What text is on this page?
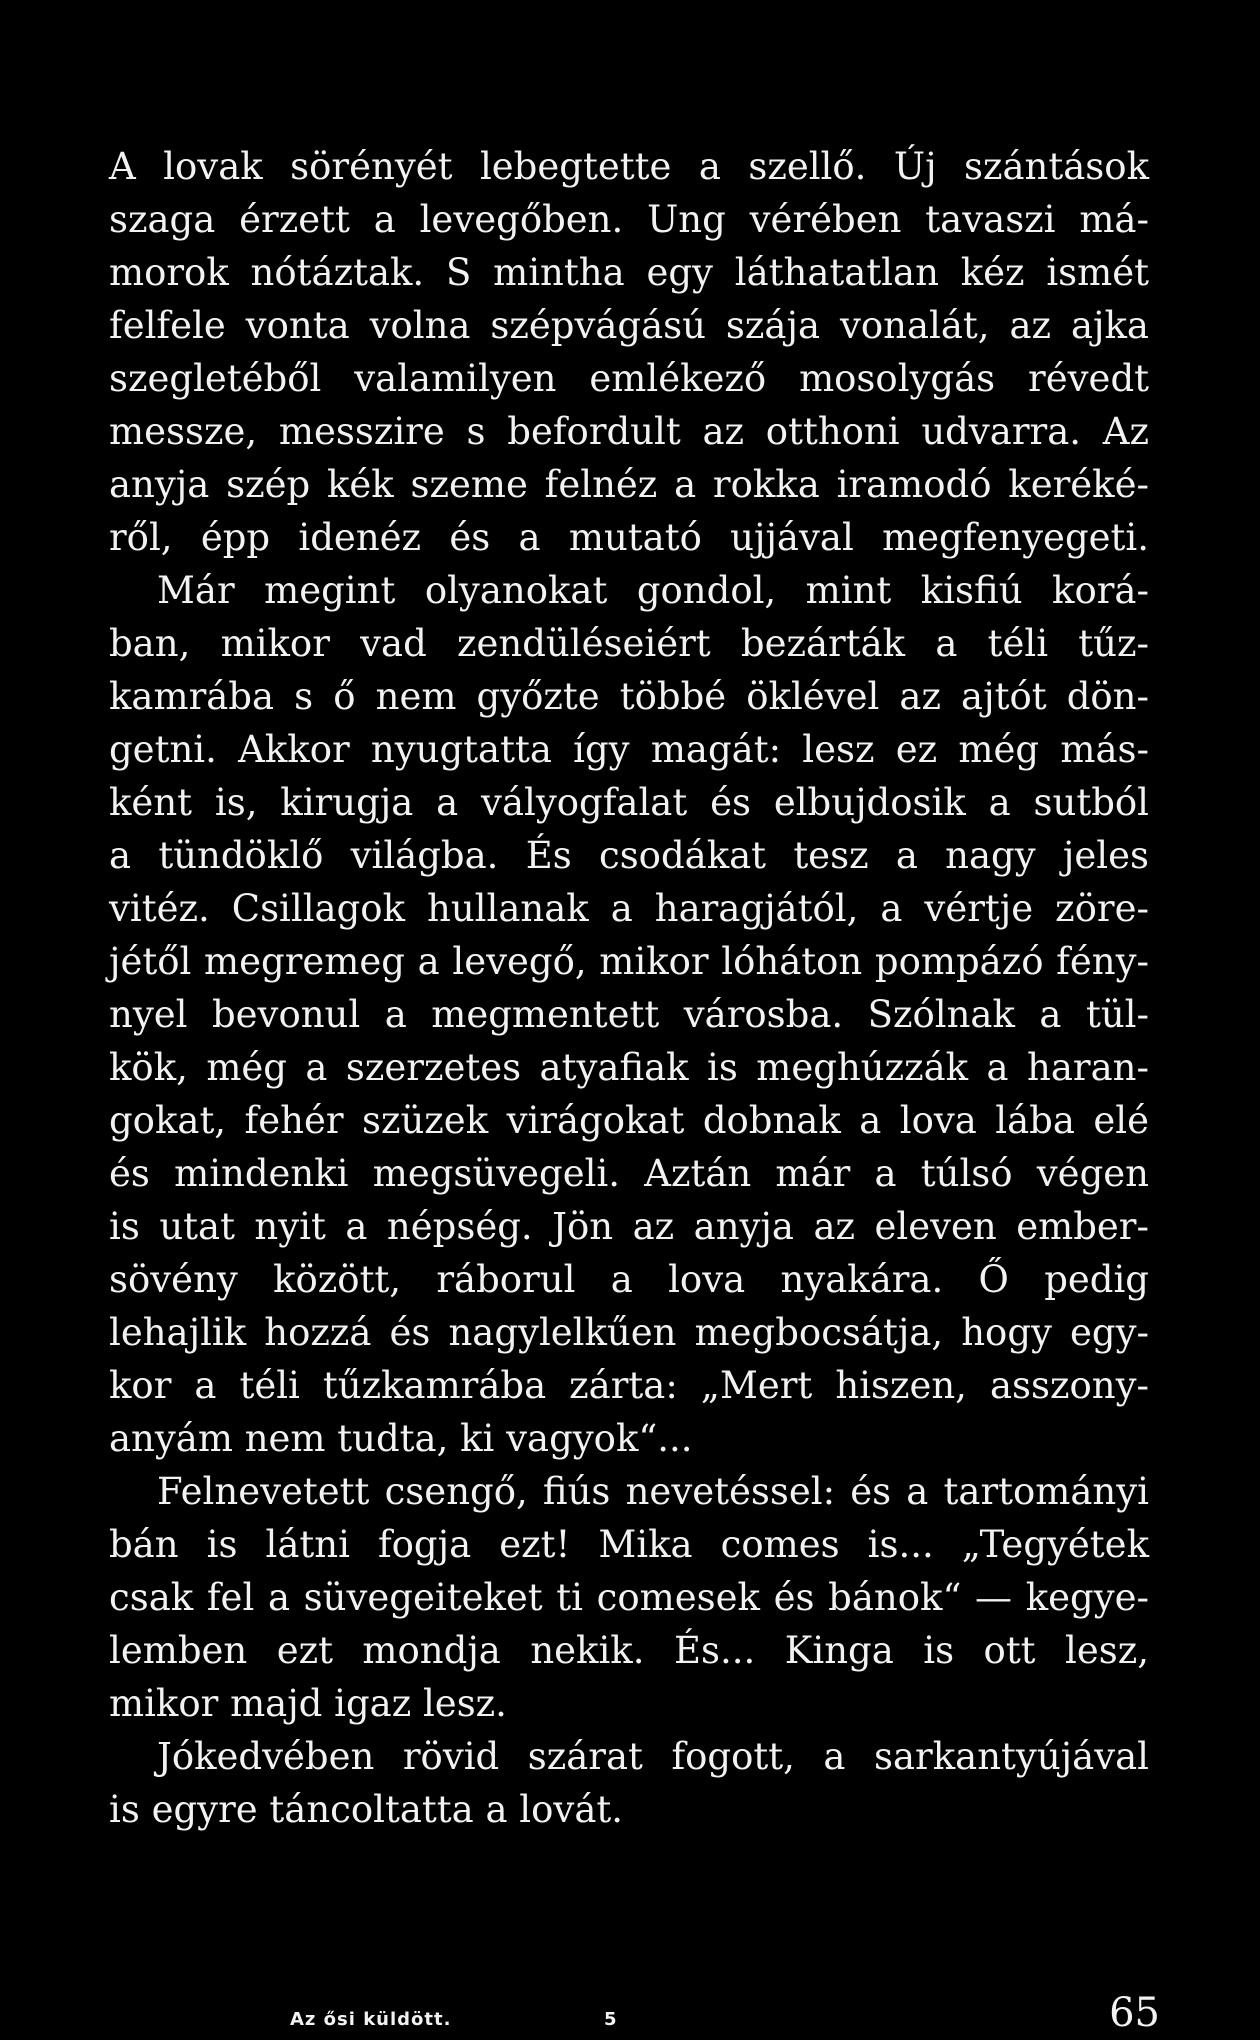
A lovak sörényét lebegtette a szellő. Új szántások
szaga érzett a levegőben. Ung vérében tavaszi má-
morok nótáztak. S mintha egy láthatatlan kéz ismét
felfele vonta volna szépvágású szája vonalát, az ajka
szegletéből valamilyen emlékező mosolygás révedt
messze, messzire s befordult az otthoni udvarra. Az
anyja szép kék szeme felnéz a rokka iramodó keréké-
ről, épp idenéz és a mutató ujjával megfenyegeti.
Már megint olyanokat gondol, mint kisfiú korá-
ban, mikor vad zendüléseiért bezárták a téli tűz-
kamrába s ő nem győzte többé öklével az ajtót dön-
getni. Akkor nyugtatta így magát: lesz ez még más-
ként is, kirugja a vályogfalat és elbujdosik a sutból
a tündöklő világba. És csodákat tesz a nagy jeles
vitéz. Csillagok hullanak a haragjától, a vértje zöre-
jétől megremeg a levegő, mikor lóháton pompázó fény-
nyel bevonul a megmentett városba. Szólnak a tül-
kök, még a szerzetes atyafiak is meghúzzák a haran-
gokat, fehér szüzek virágokat dobnak a lova lába elé
és mindenki megsüvegeli. Aztán már a túlsó végen
is utat nyit a népség. Jön az anyja az eleven ember-
sövény között, ráborul a lova nyakára. Ő pedig
lehajlik hozzá és nagylelkűen megbocsátja, hogy egy-
kor a téli tűzkamrába zárta: „Mert hiszen, asszony-
anyám nem tudta, ki vagyok“...
Felnevetett csengő, fiús nevetéssel: és a tartományi
bán is látni fogja ezt! Mika comes is... „Tegyétek
csak fel a süvegeiteket ti comesek és bánok“ — kegye-
lemben ezt mondja nekik. És... Kinga is ott lesz,
mikor majd igaz lesz.
Jókedvében rövid szárat fogott, a sarkantyújával
is egyre táncoltatta a lovát.
Az ősi küldött.	5	65
